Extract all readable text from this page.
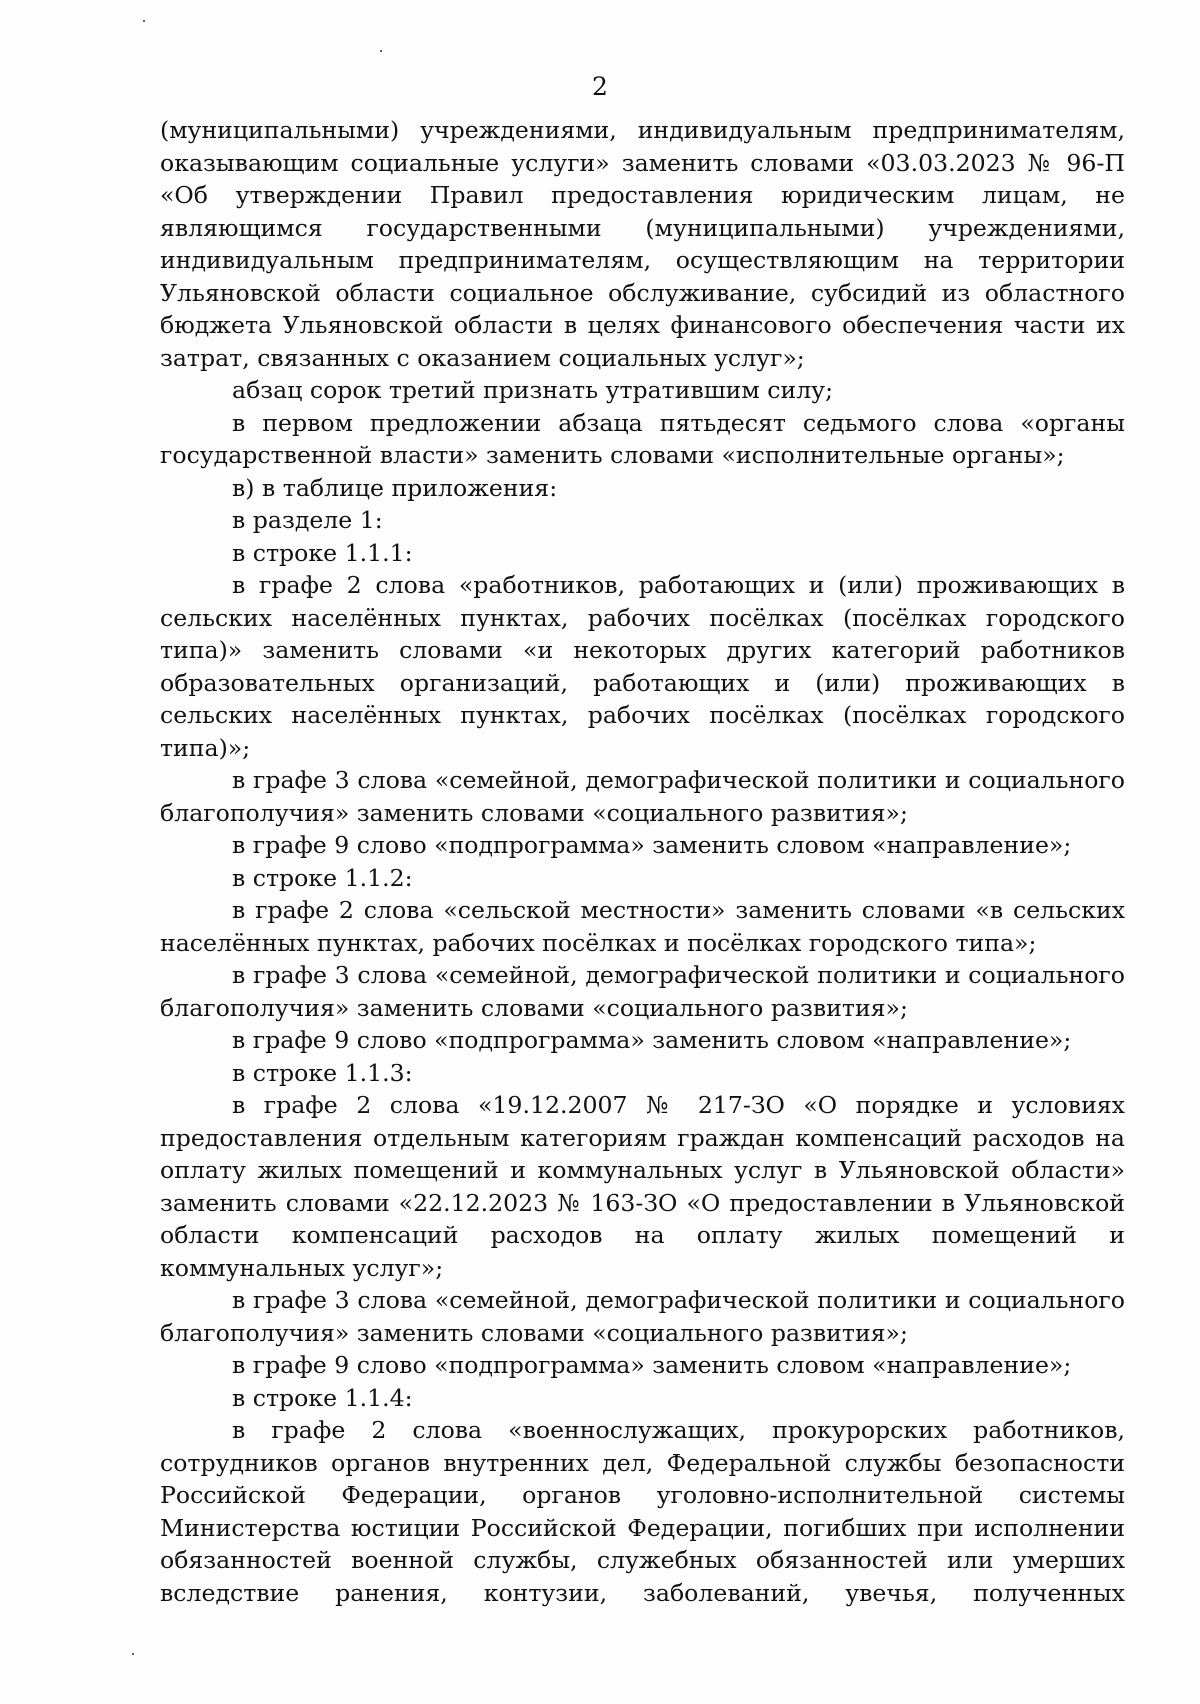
2

(муниципальными) учреждениями, индивидуальным предпринимателям, оказывающим социальные услуги» заменить словами «03.03.2023 № 96-П «Об утверждении Правил предоставления юридическим лицам, не являющимся государственными (муниципальными) учреждениями, индивидуальным предпринимателям, осуществляющим на территории Ульяновской области социальное обслуживание, субсидий из областного бюджета Ульяновской области в целях финансового обеспечения части их затрат, связанных с оказанием социальных услуг»;

абзац сорок третий признать утратившим силу;

в первом предложении абзаца пятьдесят седьмого слова «органы государственной власти» заменить словами «исполнительные органы»;

в) в таблице приложения:

в разделе 1:

в строке 1.1.1:

в графе 2 слова «работников, работающих и (или) проживающих в сельских населённых пунктах, рабочих посёлках (посёлках городского типа)» заменить словами «и некоторых других категорий работников образовательных организаций, работающих и (или) проживающих в сельских населённых пунктах, рабочих посёлках (посёлках городского типа)»;

в графе 3 слова «семейной, демографической политики и социального благополучия» заменить словами «социального развития»;

в графе 9 слово «подпрограмма» заменить словом «направление»;

в строке 1.1.2:

в графе 2 слова «сельской местности» заменить словами «в сельских населённых пунктах, рабочих посёлках и посёлках городского типа»;

в графе 3 слова «семейной, демографической политики и социального благополучия» заменить словами «социального развития»;

в графе 9 слово «подпрограмма» заменить словом «направление»;

в строке 1.1.3:

в графе 2 слова «19.12.2007 № 217-ЗО «О порядке и условиях предоставления отдельным категориям граждан компенсаций расходов на оплату жилых помещений и коммунальных услуг в Ульяновской области» заменить словами «22.12.2023 № 163-ЗО «О предоставлении в Ульяновской области компенсаций расходов на оплату жилых помещений и коммунальных услуг»;

в графе 3 слова «семейной, демографической политики и социального благополучия» заменить словами «социального развития»;

в графе 9 слово «подпрограмма» заменить словом «направление»;

в строке 1.1.4:

в графе 2 слова «военнослужащих, прокурорских работников, сотрудников органов внутренних дел, Федеральной службы безопасности Российской Федерации, органов уголовно-исполнительной системы Министерства юстиции Российской Федерации, погибших при исполнении обязанностей военной службы, служебных обязанностей или умерших вследствие ранения, контузии, заболеваний, увечья, полученных
